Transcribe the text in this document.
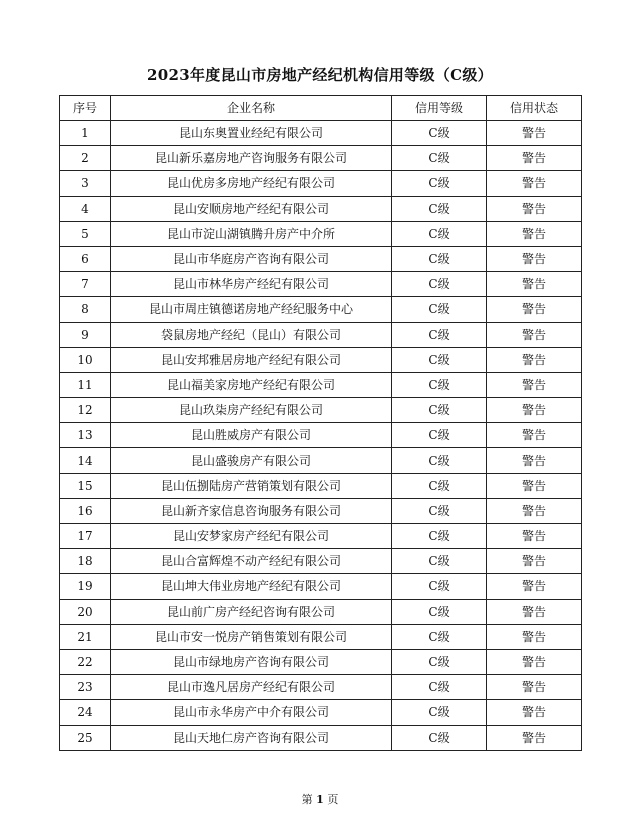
2023年度昆山市房地产经纪机构信用等级（C级）
序号	企业名称	信用等级	信用状态
1	昆山东奥置业经纪有限公司	C级	警告
2	昆山新乐嘉房地产咨询服务有限公司	C级	警告
3	昆山优房多房地产经纪有限公司	C级	警告
4	昆山安顺房地产经纪有限公司	C级	警告
5	昆山市淀山湖镇腾升房产中介所	C级	警告
6	昆山市华庭房产咨询有限公司	C级	警告
7	昆山市林华房产经纪有限公司	C级	警告
8	昆山市周庄镇德诺房地产经纪服务中心	C级	警告
9	袋鼠房地产经纪（昆山）有限公司	C级	警告
10	昆山安邦雅居房地产经纪有限公司	C级	警告
11	昆山福美家房地产经纪有限公司	C级	警告
12	昆山玖柒房产经纪有限公司	C级	警告
13	昆山胜威房产有限公司	C级	警告
14	昆山盛骏房产有限公司	C级	警告
15	昆山伍捌陆房产营销策划有限公司	C级	警告
16	昆山新齐家信息咨询服务有限公司	C级	警告
17	昆山安梦家房产经纪有限公司	C级	警告
18	昆山合富辉煌不动产经纪有限公司	C级	警告
19	昆山坤大伟业房地产经纪有限公司	C级	警告
20	昆山前广房产经纪咨询有限公司	C级	警告
21	昆山市安一悦房产销售策划有限公司	C级	警告
22	昆山市绿地房产咨询有限公司	C级	警告
23	昆山市逸凡居房产经纪有限公司	C级	警告
24	昆山市永华房产中介有限公司	C级	警告
25	昆山天地仁房产咨询有限公司	C级	警告
第 1 页
